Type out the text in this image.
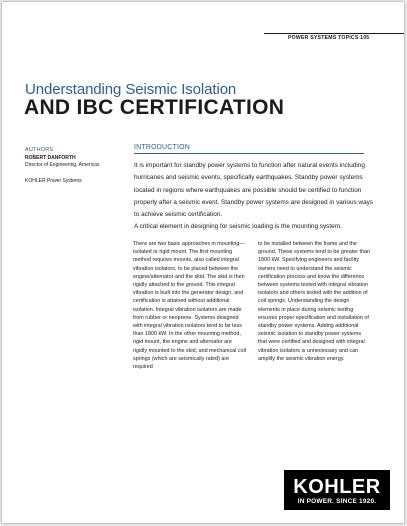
POWER SYSTEMS TOPICS 105
Understanding Seismic Isolation
AND IBC CERTIFICATION
AUTHORS
ROBERT DANFORTH
Director of Engineering, Americas
KOHLER Power Systems
INTRODUCTION

It is important for standby power systems to function after natural events including hurricanes and seismic events, specifically earthquakes. Standby power systems located in regions where earthquakes are possible should be certified to function properly after a seismic event. Standby power systems are designed in various ways to achieve seismic certification.

A critical element in designing for seismic loading is the mounting system.

There are two basic approaches in mounting—isolated or rigid mount. The first mounting method requires mounts, also called integral vibration isolators, to be placed between the engine/alternator and the skid. The skid is then rigidly attached to the ground. This integral vibration is built into the generator design, and certification is attained without additional isolation. Integral vibration isolators are made from rubber or neoprene. Systems designed with integral vibration isolators tend to be less than 1800 kW. In the other mounting method, rigid mount, the engine and alternator are rigidly mounted to the skid, and mechanical coil springs (which are seismically rated) are required

to be installed between the frame and the ground. These systems tend to be greater than 1800 kW. Specifying engineers and facility owners need to understand the seismic certification process and know the difference between systems tested with integral vibration isolators and others tested with the addition of coil springs. Understanding the design elements in place during seismic testing ensures proper specification and installation of standby power systems. Adding additional seismic isolation to standby power systems that were certified and designed with integral vibration isolators is unnecessary and can amplify the seismic vibration energy.

KOHLER
IN POWER. SINCE 1920.
